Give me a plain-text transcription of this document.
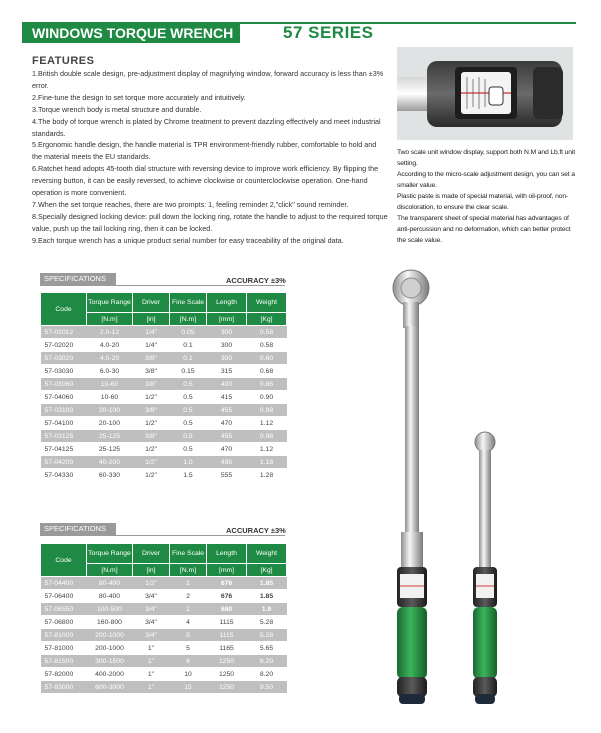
WINDOWS TORQUE WRENCH	57 SERIES
FEATURES
1.British double scale design, pre-adjustment display of magnifying window, forward accuracy is less than ±3% error.
2.Fine-tune the design to set torque more accurately and intuitively.
3.Torque wrench body is metal structure and durable.
4.The body of torque wrench is plated by Chrome treatment to prevent dazzling effectively and meet industrial standards.
5.Ergonomic handle design, the handle material is TPR environment-friendly rubber, comfortable to hold and the material meets the EU standards.
6.Ratchet head adopts 45-tooth dial structure with reversing device to improve work efficiency. By flipping the reversing button, it can be easily reversed, to achieve clockwise or counterclockwise operation. One-hand operation is more convenient.
7.When the set torque reaches, there are two prompts: 1, feeling reminder 2,"click" sound reminder.
8.Specially designed locking device: pull down the locking ring, rotate the handle to adjust to the required torque value, push up the tail locking ring, then it can be locked.
9.Each torque wrench has a unique product serial number for easy traceability of the original data.
Two scale unit window display, support both N.M and Lb.ft unit setting.
According to the micro-scale adjustment design, you can set a smaller value.
Plastic paste is made of special material, with oil-proof, non-discoloration, to ensure the clear scale.
The transparent sheet of special material has advantages of anti-percussion and no deformation, which can better protect the scale value.
SPECIFICATIONS	ACCURACY ±3%
Code	Torque Range	Driver	Fine Scale	Length	Weight
	[N.m]	[in]	[N.m]	[mm]	[Kg]
57-02012	2.0-12	1/4"	0.05	300	0.58
57-02020	4.0-20	1/4"	0.1	300	0.58
57-03020	4.0-20	3/8"	0.1	300	0.60
57-03030	6.0-30	3/8"	0.15	315	0.68
57-03060	10-60	3/8"	0.5	400	0.86
57-04060	10-60	1/2"	0.5	415	0.90
57-03100	20-100	3/8"	0.5	455	0.98
57-04100	20-100	1/2"	0.5	470	1.12
57-03125	25-125	3/8"	0.5	455	0.98
57-04125	25-125	1/2"	0.5	470	1.12
57-04200	40-200	1/2"	1.0	495	1.18
57-04330	60-330	1/2"	1.5	555	1.28
SPECIFICATIONS	ACCURACY ±3%
Code	Torque Range	Driver	Fine Scale	Length	Weight
	[N.m]	[in]	[N.m]	[mm]	[Kg]
57-04400	80-400	1/2"	2	676	1.85
57-06400	80-400	3/4"	2	676	1.85
57-06550	100-500	3/4"	2	680	1.9
57-06800	160-800	3/4"	4	1115	5.28
57-81000	200-1000	3/4"	5	1115	5.28
57-81000	200-1000	1"	5	1165	5.65
57-81500	300-1500	1"	6	1250	8.20
57-82000	400-2000	1"	10	1250	8.20
57-83000	600-3000	1"	15	1250	9.50
